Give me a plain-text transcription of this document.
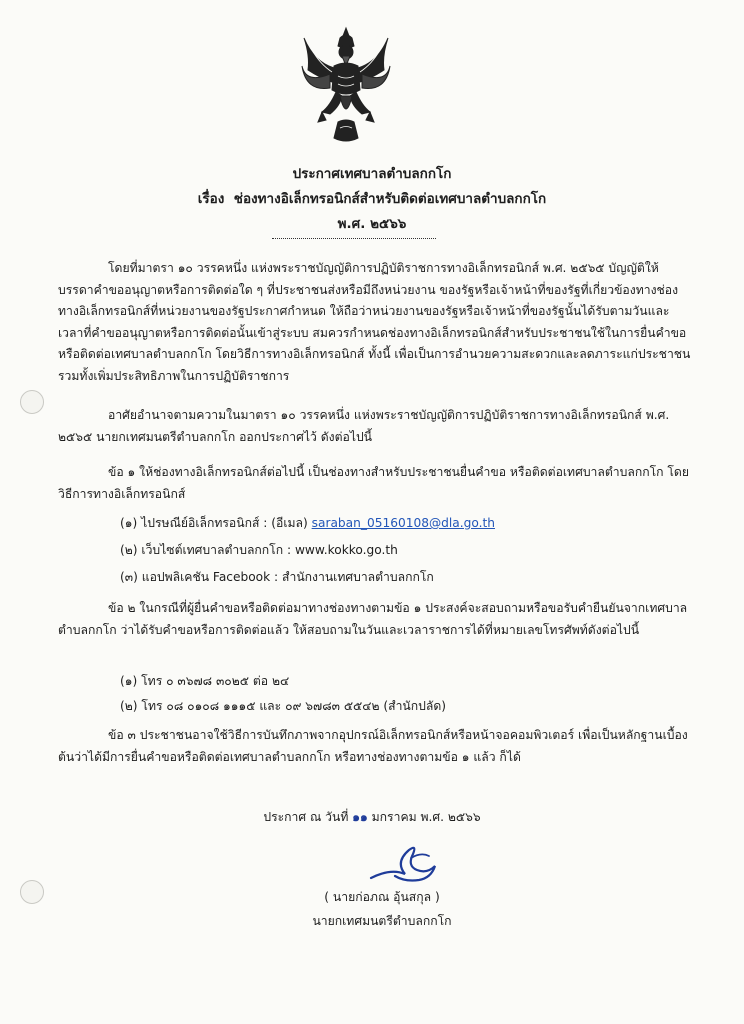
ประกาศเทศบาลตำบลกกโก
เรื่อง ช่องทางอิเล็กทรอนิกส์สำหรับติดต่อเทศบาลตำบลกกโก
พ.ศ. ๒๕๖๖

โดยที่มาตรา ๑๐ วรรคหนึ่ง แห่งพระราชบัญญัติการปฏิบัติราชการทางอิเล็กทรอนิกส์ พ.ศ. ๒๕๖๕ บัญญัติให้บรรดาคำขออนุญาตหรือการติดต่อใด ๆ ที่ประชาชนส่งหรือมีถึงหน่วยงาน ของรัฐหรือเจ้าหน้าที่ของรัฐที่เกี่ยวข้องทางช่องทางอิเล็กทรอนิกส์ที่หน่วยงานของรัฐประกาศกำหนด ให้ถือว่าหน่วยงานของรัฐหรือเจ้าหน้าที่ของรัฐนั้นได้รับตามวันและเวลาที่คำขออนุญาตหรือการติดต่อนั้นเข้าสู่ระบบ สมควรกำหนดช่องทางอิเล็กทรอนิกส์สำหรับประชาชนใช้ในการยื่นคำขอหรือติดต่อเทศบาลตำบลกกโก โดยวิธีการทางอิเล็กทรอนิกส์ ทั้งนี้ เพื่อเป็นการอำนวยความสะดวกและลดภาระแก่ประชาชน รวมทั้งเพิ่มประสิทธิภาพในการปฏิบัติราชการ

อาศัยอำนาจตามความในมาตรา ๑๐ วรรคหนึ่ง แห่งพระราชบัญญัติการปฏิบัติราชการทางอิเล็กทรอนิกส์ พ.ศ. ๒๕๖๕ นายกเทศมนตรีตำบลกกโก ออกประกาศไว้ ดังต่อไปนี้

ข้อ ๑ ให้ช่องทางอิเล็กทรอนิกส์ต่อไปนี้ เป็นช่องทางสำหรับประชาชนยื่นคำขอ หรือติดต่อเทศบาลตำบลกกโก โดยวิธีการทางอิเล็กทรอนิกส์

(๑) ไปรษณีย์อิเล็กทรอนิกส์ : (อีเมล) saraban_05160108@dla.go.th
(๒) เว็บไซต์เทศบาลตำบลกกโก : www.kokko.go.th
(๓) แอปพลิเคชัน Facebook : สำนักงานเทศบาลตำบลกกโก

ข้อ ๒ ในกรณีที่ผู้ยื่นคำขอหรือติดต่อมาทางช่องทางตามข้อ ๑ ประสงค์จะสอบถามหรือขอรับคำยืนยันจากเทศบาลตำบลกกโก ว่าได้รับคำขอหรือการติดต่อแล้ว ให้สอบถามในวันและเวลาราชการได้ที่หมายเลขโทรศัพท์ดังต่อไปนี้

(๑) โทร ๐ ๓๖๗๘ ๓๐๒๕ ต่อ ๒๔
(๒) โทร ๐๘ ๐๑๐๘ ๑๑๑๕ และ ๐๙ ๖๗๘๓ ๕๕๔๒ (สำนักปลัด)

ข้อ ๓ ประชาชนอาจใช้วิธีการบันทึกภาพจากอุปกรณ์อิเล็กทรอนิกส์หรือหน้าจอคอมพิวเตอร์ เพื่อเป็นหลักฐานเบื้องต้นว่าได้มีการยื่นคำขอหรือติดต่อเทศบาลตำบลกกโก หรือทางช่องทางตามข้อ ๑ แล้ว ก็ได้

ประกาศ ณ วันที่ ๑๑ มกราคม พ.ศ. ๒๕๖๖
( นายก่อภณ อุ้นสกุล )
นายกเทศมนตรีตำบลกกโก
